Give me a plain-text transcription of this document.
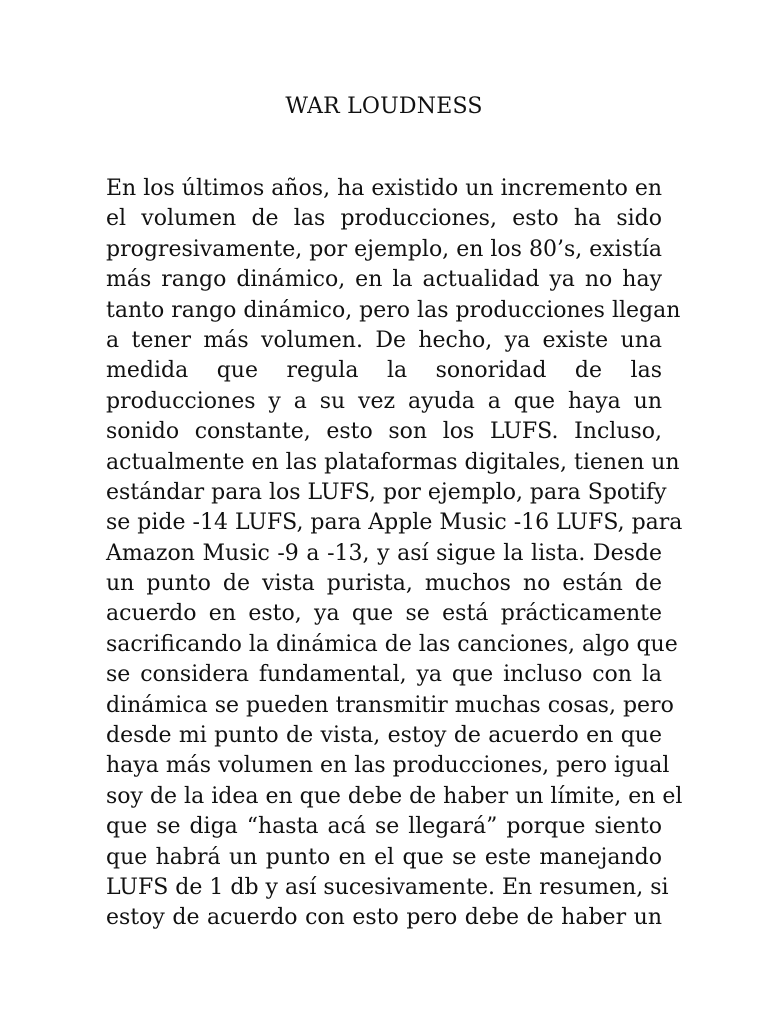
WAR LOUDNESS
En los últimos años, ha existido un incremento en
el volumen de las producciones, esto ha sido
progresivamente, por ejemplo, en los 80’s, existía
más rango dinámico, en la actualidad ya no hay
tanto rango dinámico, pero las producciones llegan
a tener más volumen. De hecho, ya existe una
medida que regula la sonoridad de las
producciones y a su vez ayuda a que haya un
sonido constante, esto son los LUFS. Incluso,
actualmente en las plataformas digitales, tienen un
estándar para los LUFS, por ejemplo, para Spotify
se pide -14 LUFS, para Apple Music -16 LUFS, para
Amazon Music -9 a -13, y así sigue la lista. Desde
un punto de vista purista, muchos no están de
acuerdo en esto, ya que se está prácticamente
sacrificando la dinámica de las canciones, algo que
se considera fundamental, ya que incluso con la
dinámica se pueden transmitir muchas cosas, pero
desde mi punto de vista, estoy de acuerdo en que
haya más volumen en las producciones, pero igual
soy de la idea en que debe de haber un límite, en el
que se diga “hasta acá se llegará” porque siento
que habrá un punto en el que se este manejando
LUFS de 1 db y así sucesivamente. En resumen, si
estoy de acuerdo con esto pero debe de haber un
